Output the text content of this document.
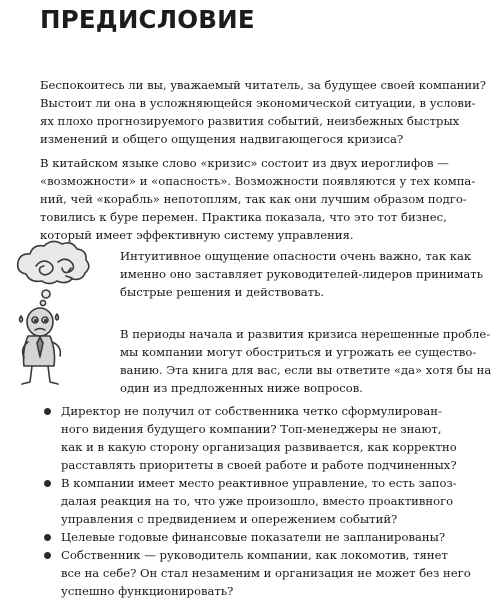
ПРЕДИСЛОВИЕ
Беспокоитесь ли вы, уважаемый читатель, за будущее своей компании?
Выстоит ли она в усложняющейся экономической ситуации, в услови-
ях плохо прогнозируемого развития событий, неизбежных быстрых
изменений и общего ощущения надвигающегося кризиса?
В китайском языке слово «кризис» состоит из двух иероглифов —
«возможности» и «опасность». Возможности появляются у тех компа-
ний, чей «корабль» непотоплям, так как они лучшим образом подго-
товились к буре перемен. Практика показала, что это тот бизнес,
который имеет эффективную систему управления.
Интуитивное ощущение опасности очень важно, так как
именно оно заставляет руководителей-лидеров принимать
быстрые решения и действовать.
В периоды начала и развития кризиса нерешенные пробле-
мы компании могут обостриться и угрожать ее существо-
ванию. Эта книга для вас, если вы ответите «да» хотя бы на
один из предложенных ниже вопросов.
Директор не получил от собственника четко сформулирован-
ного видения будущего компании? Топ-менеджеры не знают,
как и в какую сторону организация развивается, как корректно
расставлять приоритеты в своей работе и работе подчиненных?
В компании имеет место реактивное управление, то есть запоз-
далая реакция на то, что уже произошло, вместо проактивного
управления с предвидением и опережением событий?
Целевые годовые финансовые показатели не запланированы?
Собственник — руководитель компании, как локомотив, тянет
все на себе? Он стал незаменим и организация не может без него
успешно функционировать?
